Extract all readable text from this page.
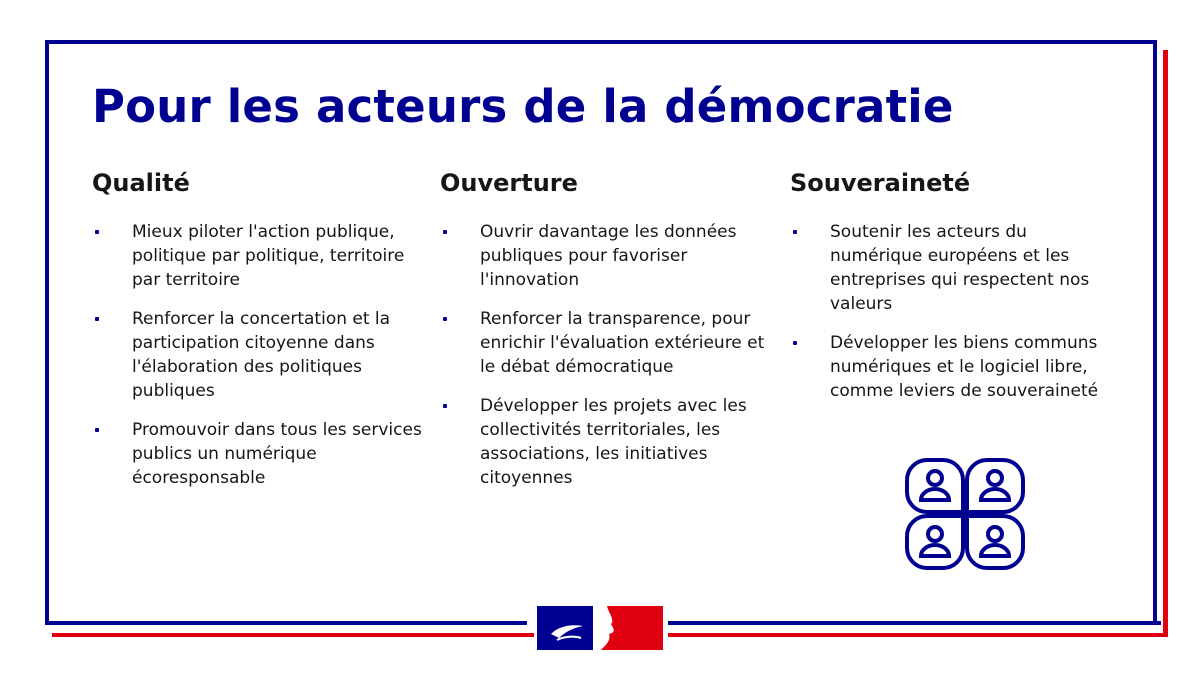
Pour les acteurs de la démocratie
Qualité
Mieux piloter l'action publique, politique par politique, territoire par territoire
Renforcer la concertation et la participation citoyenne dans l'élaboration des politiques publiques
Promouvoir dans tous les services publics un numérique écoresponsable
Ouverture
Ouvrir davantage les données publiques pour favoriser l'innovation
Renforcer la transparence, pour enrichir l'évaluation extérieure et le débat démocratique
Développer les projets avec les collectivités territoriales, les associations, les initiatives citoyennes
Souveraineté
Soutenir les acteurs du numérique européens et les entreprises qui respectent nos valeurs
Développer les biens communs numériques et le logiciel libre, comme leviers de souveraineté
